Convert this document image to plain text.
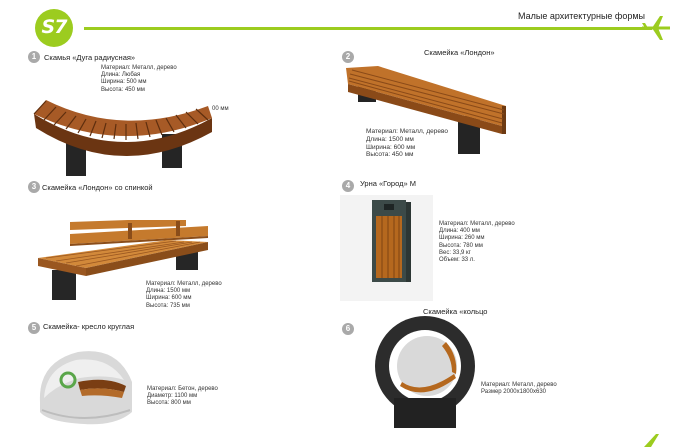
S7	Малые архитектурные формы
1	Скамья «Дуга радиусная»
Материал: Металл, дерево
Длина: Любая
Ширина: 500 мм
Высота: 450 мм
00 мм
2	Скамейка «Лондон»
Материал: Металл, дерево
Длина: 1500 мм
Ширина: 600 мм
Высота: 450 мм
3 Скамейка «Лондон» со спинкой
Материал: Металл, дерево
Длина: 1500 мм
Ширина: 600 мм
Высота: 735 мм
4	Урна «Город» М
Материал: Металл, дерево
Длина: 400 мм
Ширина: 260 мм
Высота: 780 мм
Вес: 33,9 кг
Объем: 33 л.
5 Скамейка- кресло круглая
Материал: Бетон, дерево
Диаметр: 1100 мм
Высота: 800 мм
6
Скамейка «кольцо
Материал: Металл, дерево
Размер 2000х1800х630
